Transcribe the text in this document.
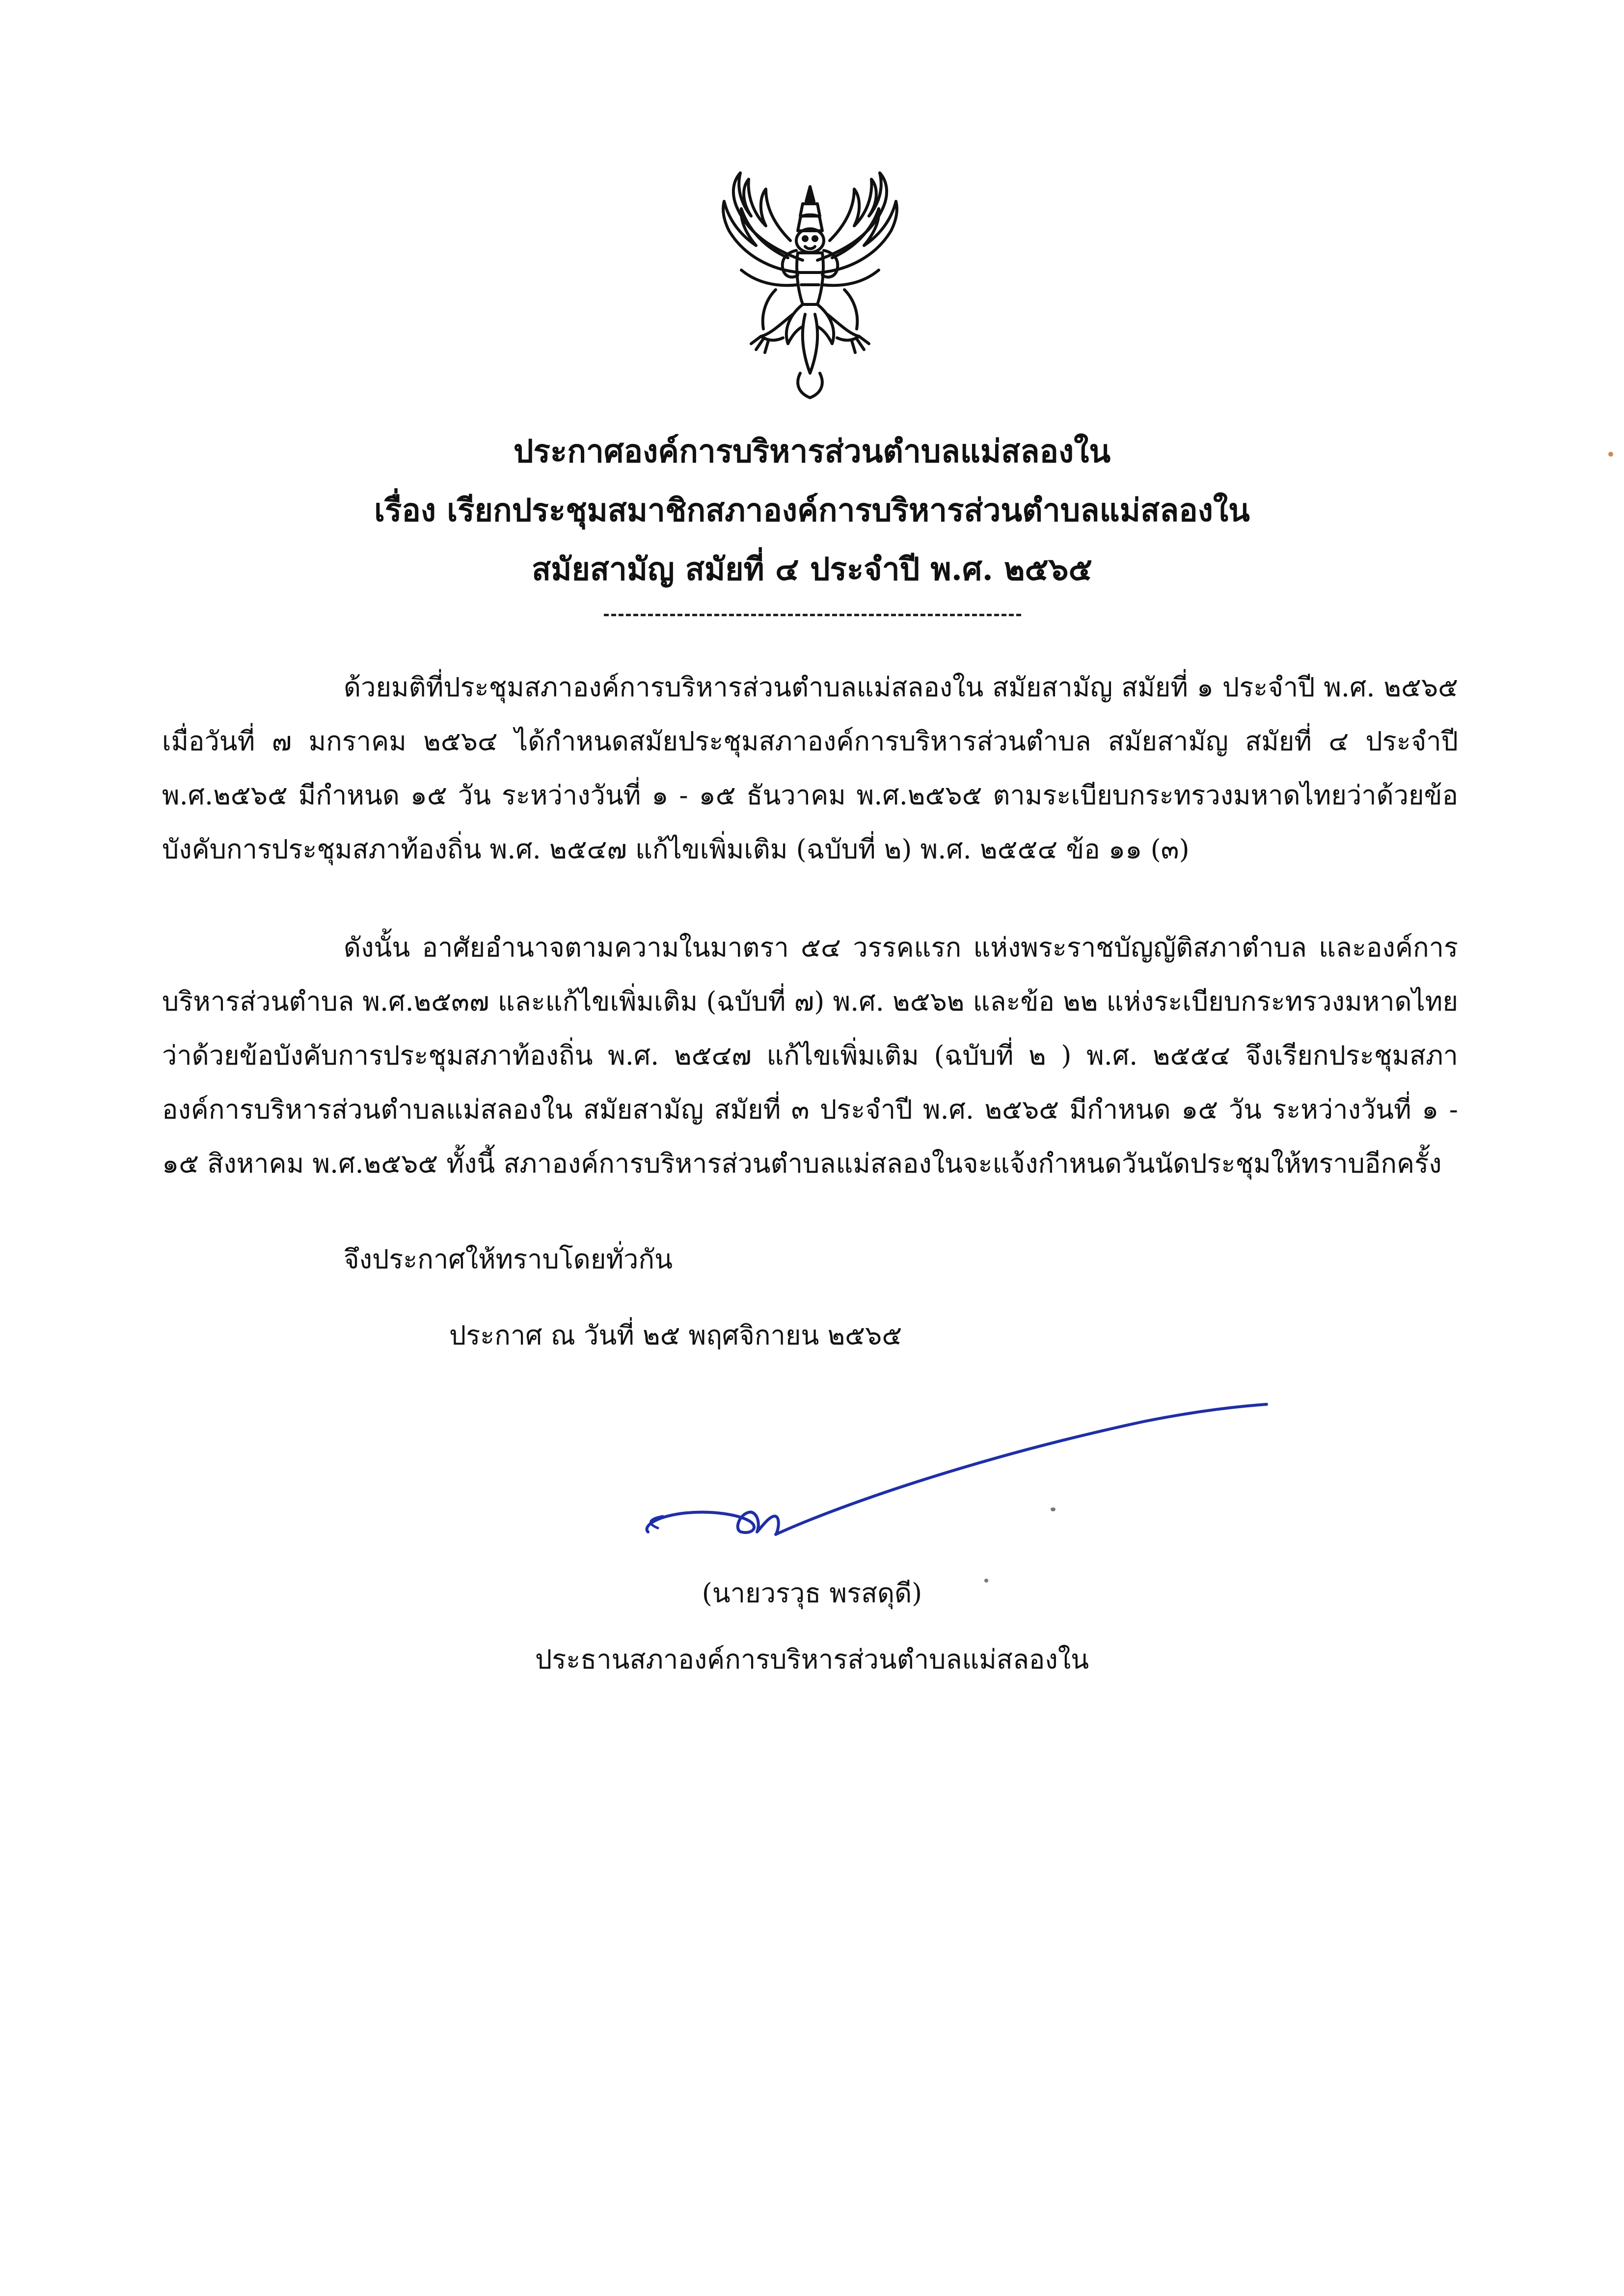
ประกาศองค์การบริหารส่วนตำบลแม่สลองใน
เรื่อง เรียกประชุมสมาชิกสภาองค์การบริหารส่วนตำบลแม่สลองใน
สมัยสามัญ สมัยที่ ๔ ประจำปี พ.ศ. ๒๕๖๕
ด้วยมติที่ประชุมสภาองค์การบริหารส่วนตำบลแม่สลองใน สมัยสามัญ สมัยที่ ๑ ประจำปี พ.ศ. ๒๕๖๕ เมื่อวันที่ ๗ มกราคม ๒๕๖๔ ได้กำหนดสมัยประชุมสภาองค์การบริหารส่วนตำบล สมัยสามัญ สมัยที่ ๔ ประจำปี พ.ศ.๒๕๖๕ มีกำหนด ๑๕ วัน ระหว่างวันที่ ๑ - ๑๕ ธันวาคม พ.ศ.๒๕๖๕ ตามระเบียบกระทรวงมหาดไทยว่าด้วยข้อบังคับการประชุมสภาท้องถิ่น พ.ศ. ๒๕๔๗ แก้ไขเพิ่มเติม (ฉบับที่ ๒) พ.ศ. ๒๕๕๔ ข้อ ๑๑ (๓)
ดังนั้น อาศัยอำนาจตามความในมาตรา ๕๔ วรรคแรก แห่งพระราชบัญญัติสภาตำบล และองค์การบริหารส่วนตำบล พ.ศ.๒๕๓๗ และแก้ไขเพิ่มเติม (ฉบับที่ ๗) พ.ศ. ๒๕๖๒ และข้อ ๒๒ แห่งระเบียบกระทรวงมหาดไทยว่าด้วยข้อบังคับการประชุมสภาท้องถิ่น พ.ศ. ๒๕๔๗ แก้ไขเพิ่มเติม (ฉบับที่ ๒ ) พ.ศ. ๒๕๕๔ จึงเรียกประชุมสภาองค์การบริหารส่วนตำบลแม่สลองใน สมัยสามัญ สมัยที่ ๓ ประจำปี พ.ศ. ๒๕๖๕ มีกำหนด ๑๕ วัน ระหว่างวันที่ ๑ - ๑๕ สิงหาคม พ.ศ.๒๕๖๕ ทั้งนี้ สภาองค์การบริหารส่วนตำบลแม่สลองในจะแจ้งกำหนดวันนัดประชุมให้ทราบอีกครั้ง
จึงประกาศให้ทราบโดยทั่วกัน
ประกาศ ณ วันที่ ๒๕ พฤศจิกายน ๒๕๖๕
(นายวรวุธ พรสดุดี)
ประธานสภาองค์การบริหารส่วนตำบลแม่สลองใน
